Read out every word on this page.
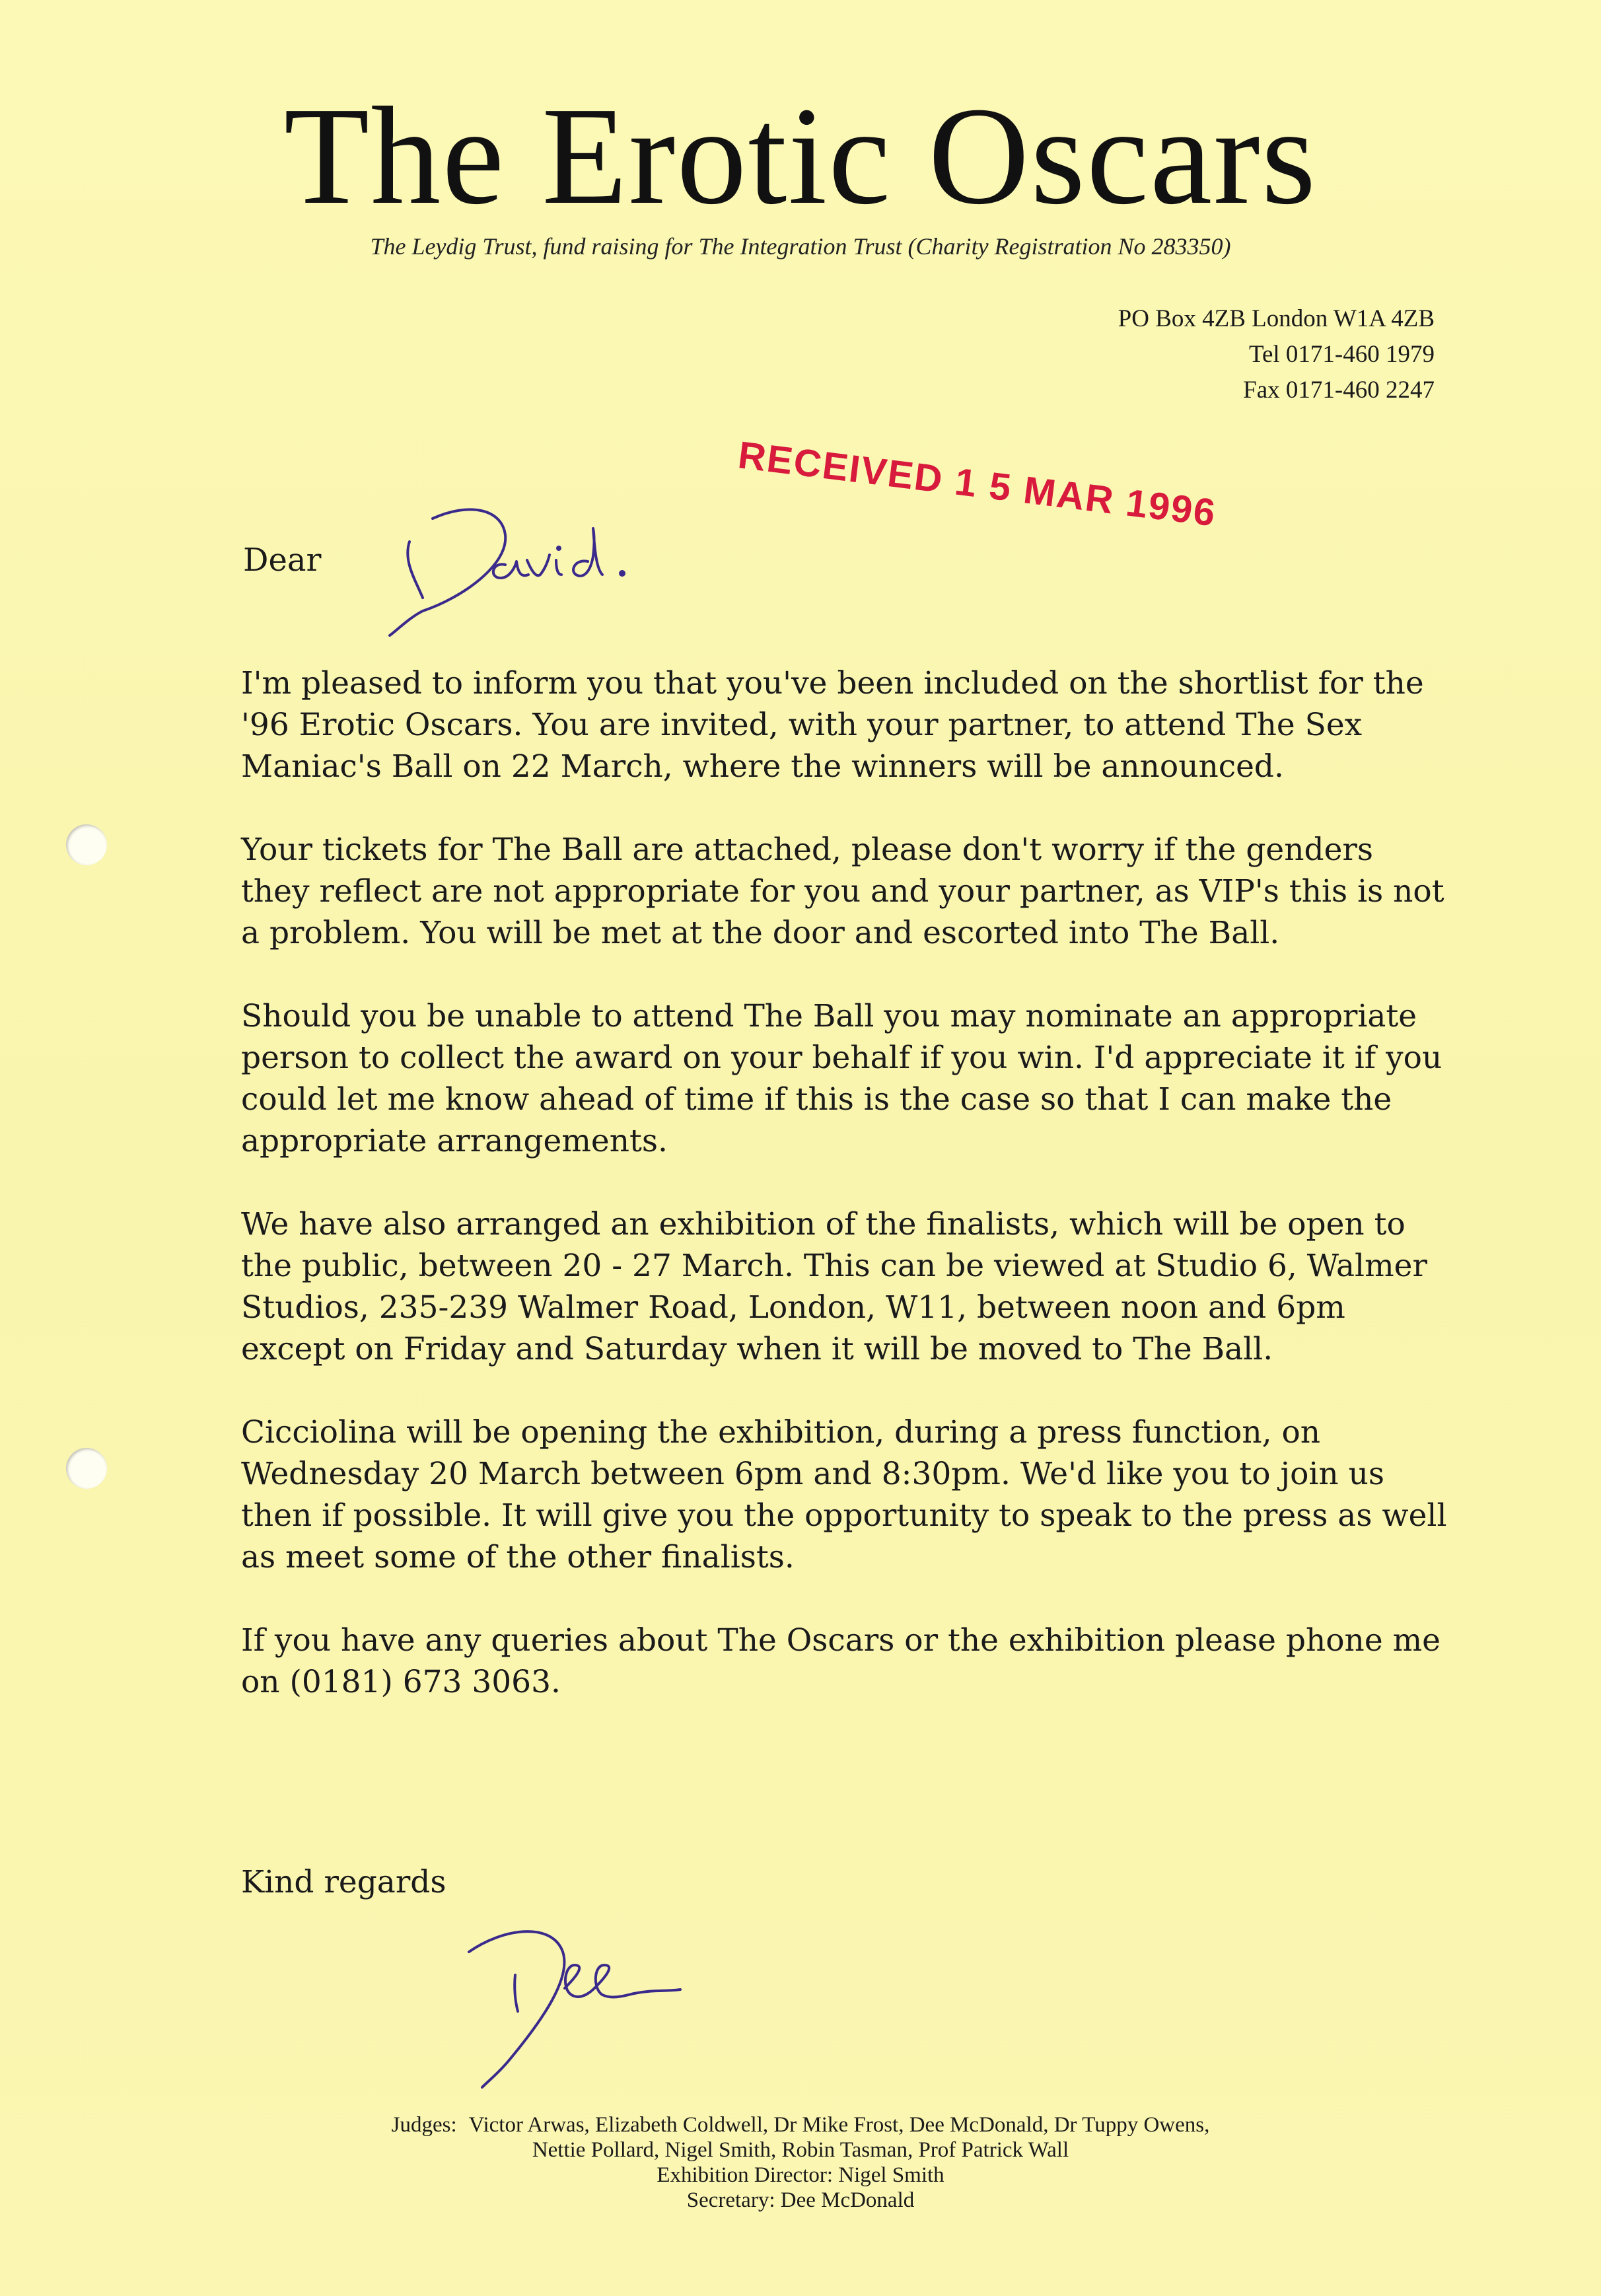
The Erotic Oscars
The Leydig Trust, fund raising for The Integration Trust (Charity Registration No 283350)
PO Box 4ZB London W1A 4ZB
Tel 0171-460 1979
Fax 0171-460 2247
RECEIVED 1 5 MAR 1996
Dear

I'm pleased to inform you that you've been included on the shortlist for the '96 Erotic Oscars. You are invited, with your partner, to attend The Sex Maniac's Ball on 22 March, where the winners will be announced.

Your tickets for The Ball are attached, please don't worry if the genders they reflect are not appropriate for you and your partner, as VIP's this is not a problem. You will be met at the door and escorted into The Ball.

Should you be unable to attend The Ball you may nominate an appropriate person to collect the award on your behalf if you win. I'd appreciate it if you could let me know ahead of time if this is the case so that I can make the appropriate arrangements.

We have also arranged an exhibition of the finalists, which will be open to the public, between 20 - 27 March. This can be viewed at Studio 6, Walmer Studios, 235-239 Walmer Road, London, W11, between noon and 6pm except on Friday and Saturday when it will be moved to The Ball.

Cicciolina will be opening the exhibition, during a press function, on Wednesday 20 March between 6pm and 8:30pm. We'd like you to join us then if possible. It will give you the opportunity to speak to the press as well as meet some of the other finalists.

If you have any queries about The Oscars or the exhibition please phone me on (0181) 673 3063.

Kind regards
Judges: Victor Arwas, Elizabeth Coldwell, Dr Mike Frost, Dee McDonald, Dr Tuppy Owens,
Nettie Pollard, Nigel Smith, Robin Tasman, Prof Patrick Wall
Exhibition Director: Nigel Smith
Secretary: Dee McDonald
